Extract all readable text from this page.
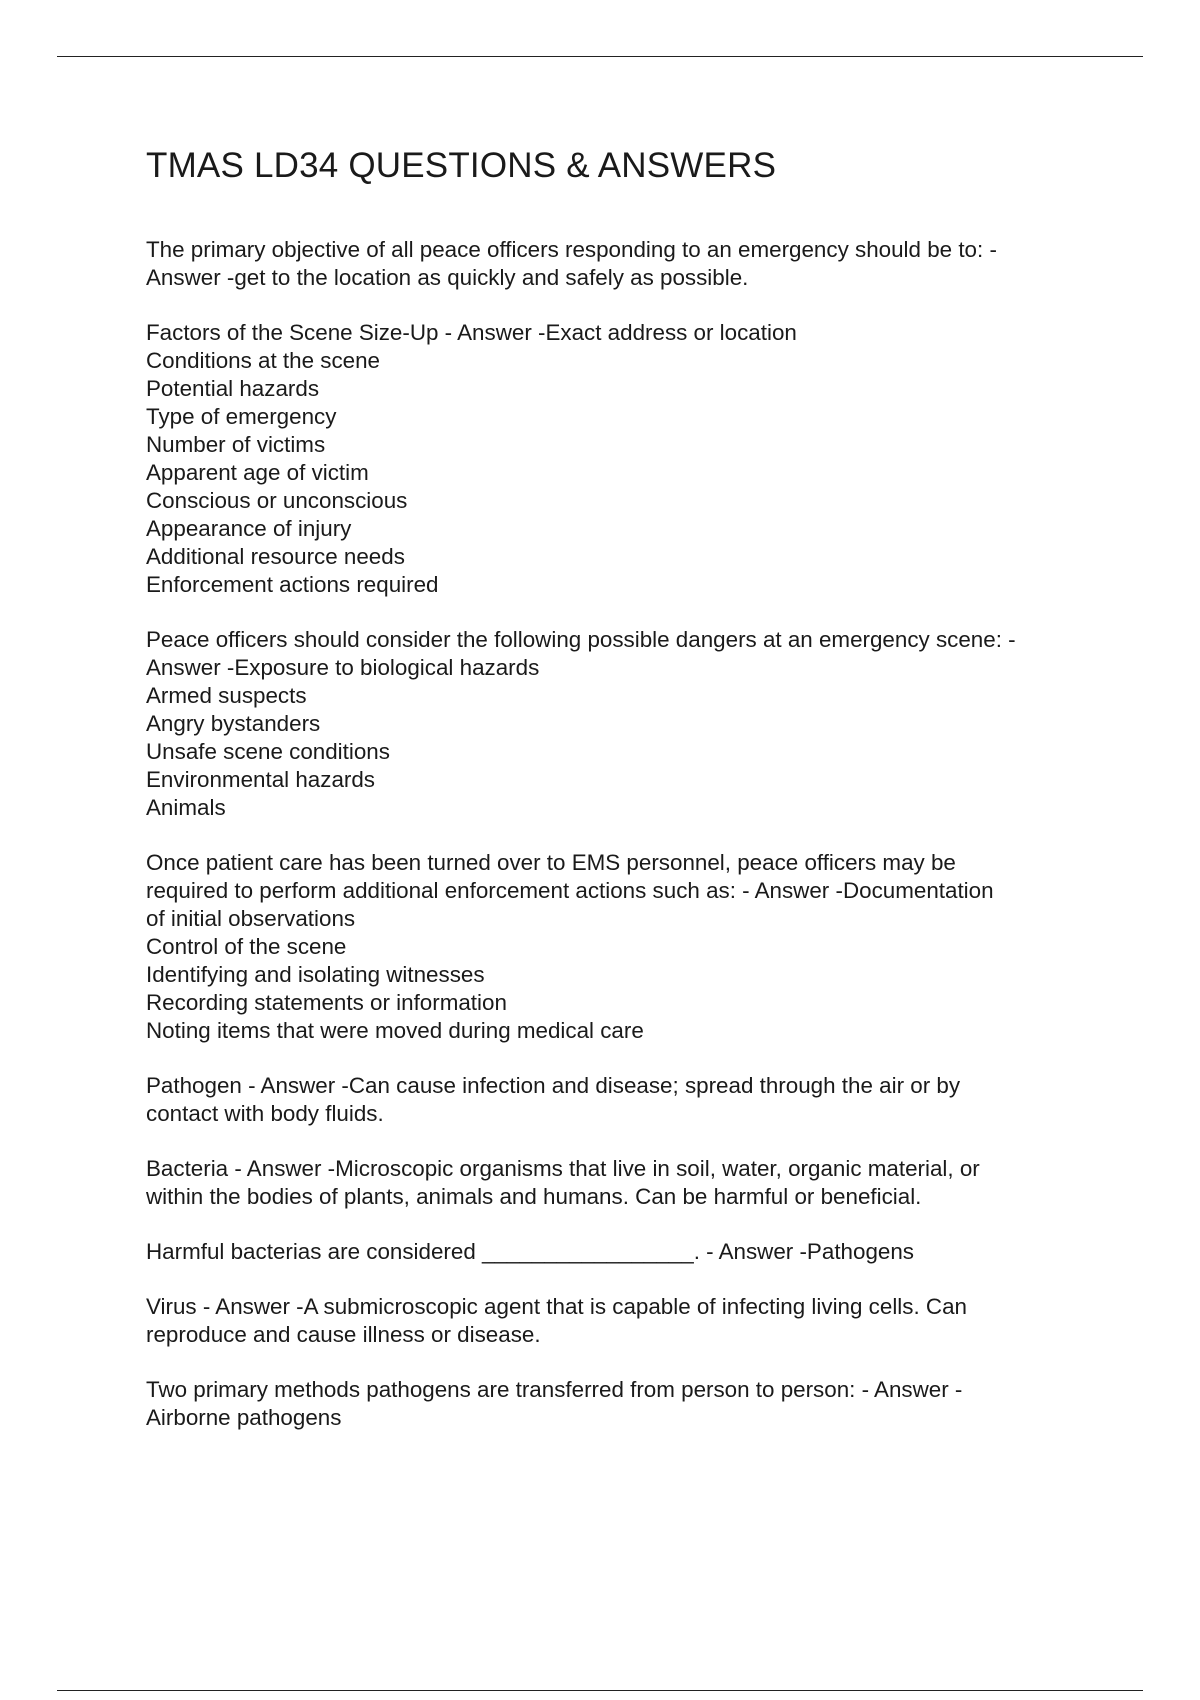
TMAS LD34 QUESTIONS & ANSWERS
The primary objective of all peace officers responding to an emergency should be to: -
Answer -get to the location as quickly and safely as possible.
Factors of the Scene Size-Up - Answer -Exact address or location
Conditions at the scene
Potential hazards
Type of emergency
Number of victims
Apparent age of victim
Conscious or unconscious
Appearance of injury
Additional resource needs
Enforcement actions required
Peace officers should consider the following possible dangers at an emergency scene: -
Answer -Exposure to biological hazards
Armed suspects
Angry bystanders
Unsafe scene conditions
Environmental hazards
Animals
Once patient care has been turned over to EMS personnel, peace officers may be
required to perform additional enforcement actions such as: - Answer -Documentation
of initial observations
Control of the scene
Identifying and isolating witnesses
Recording statements or information
Noting items that were moved during medical care
Pathogen - Answer -Can cause infection and disease; spread through the air or by
contact with body fluids.
Bacteria - Answer -Microscopic organisms that live in soil, water, organic material, or
within the bodies of plants, animals and humans. Can be harmful or beneficial.
Harmful bacterias are considered _________________. - Answer -Pathogens
Virus - Answer -A submicroscopic agent that is capable of infecting living cells. Can
reproduce and cause illness or disease.
Two primary methods pathogens are transferred from person to person: - Answer -
Airborne pathogens
